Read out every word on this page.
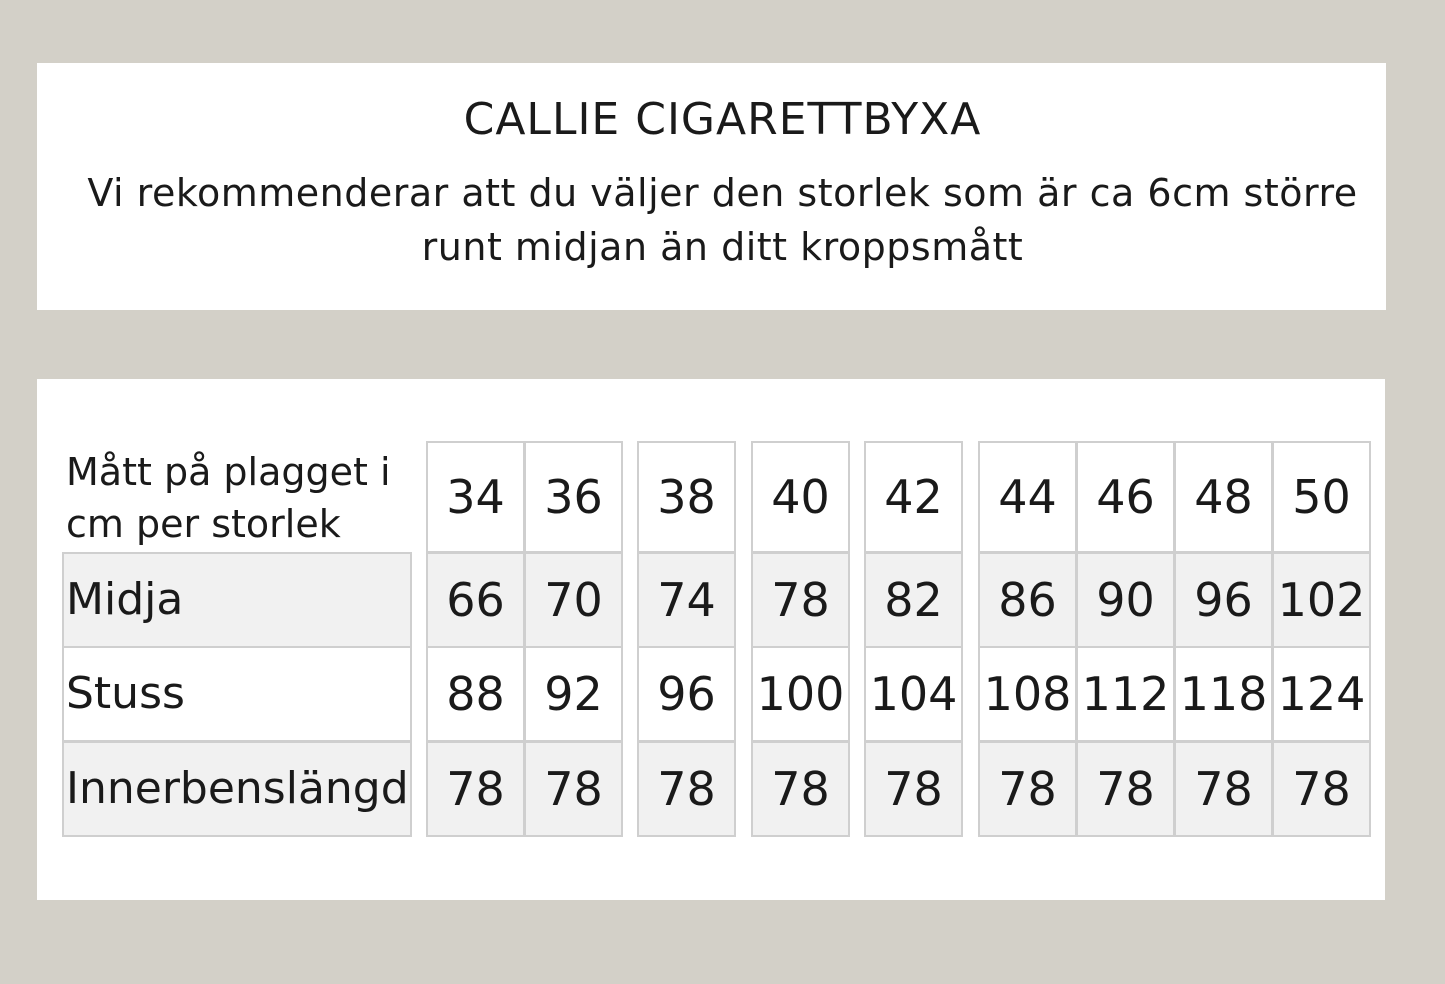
CALLIE CIGARETTBYXA
Vi rekommenderar att du väljer den storlek som är ca 6cm större
runt midjan än ditt kroppsmått
Mått på plagget i
cm per storlek	34 36	38	40	42	44 46 48 50
Midja	66 70	74	78	82	86 90 96 102
Stuss	88 92	96 100 104 108 112 118 124
Innerbenslängd 78 78	78	78	78	78 78 78 78
